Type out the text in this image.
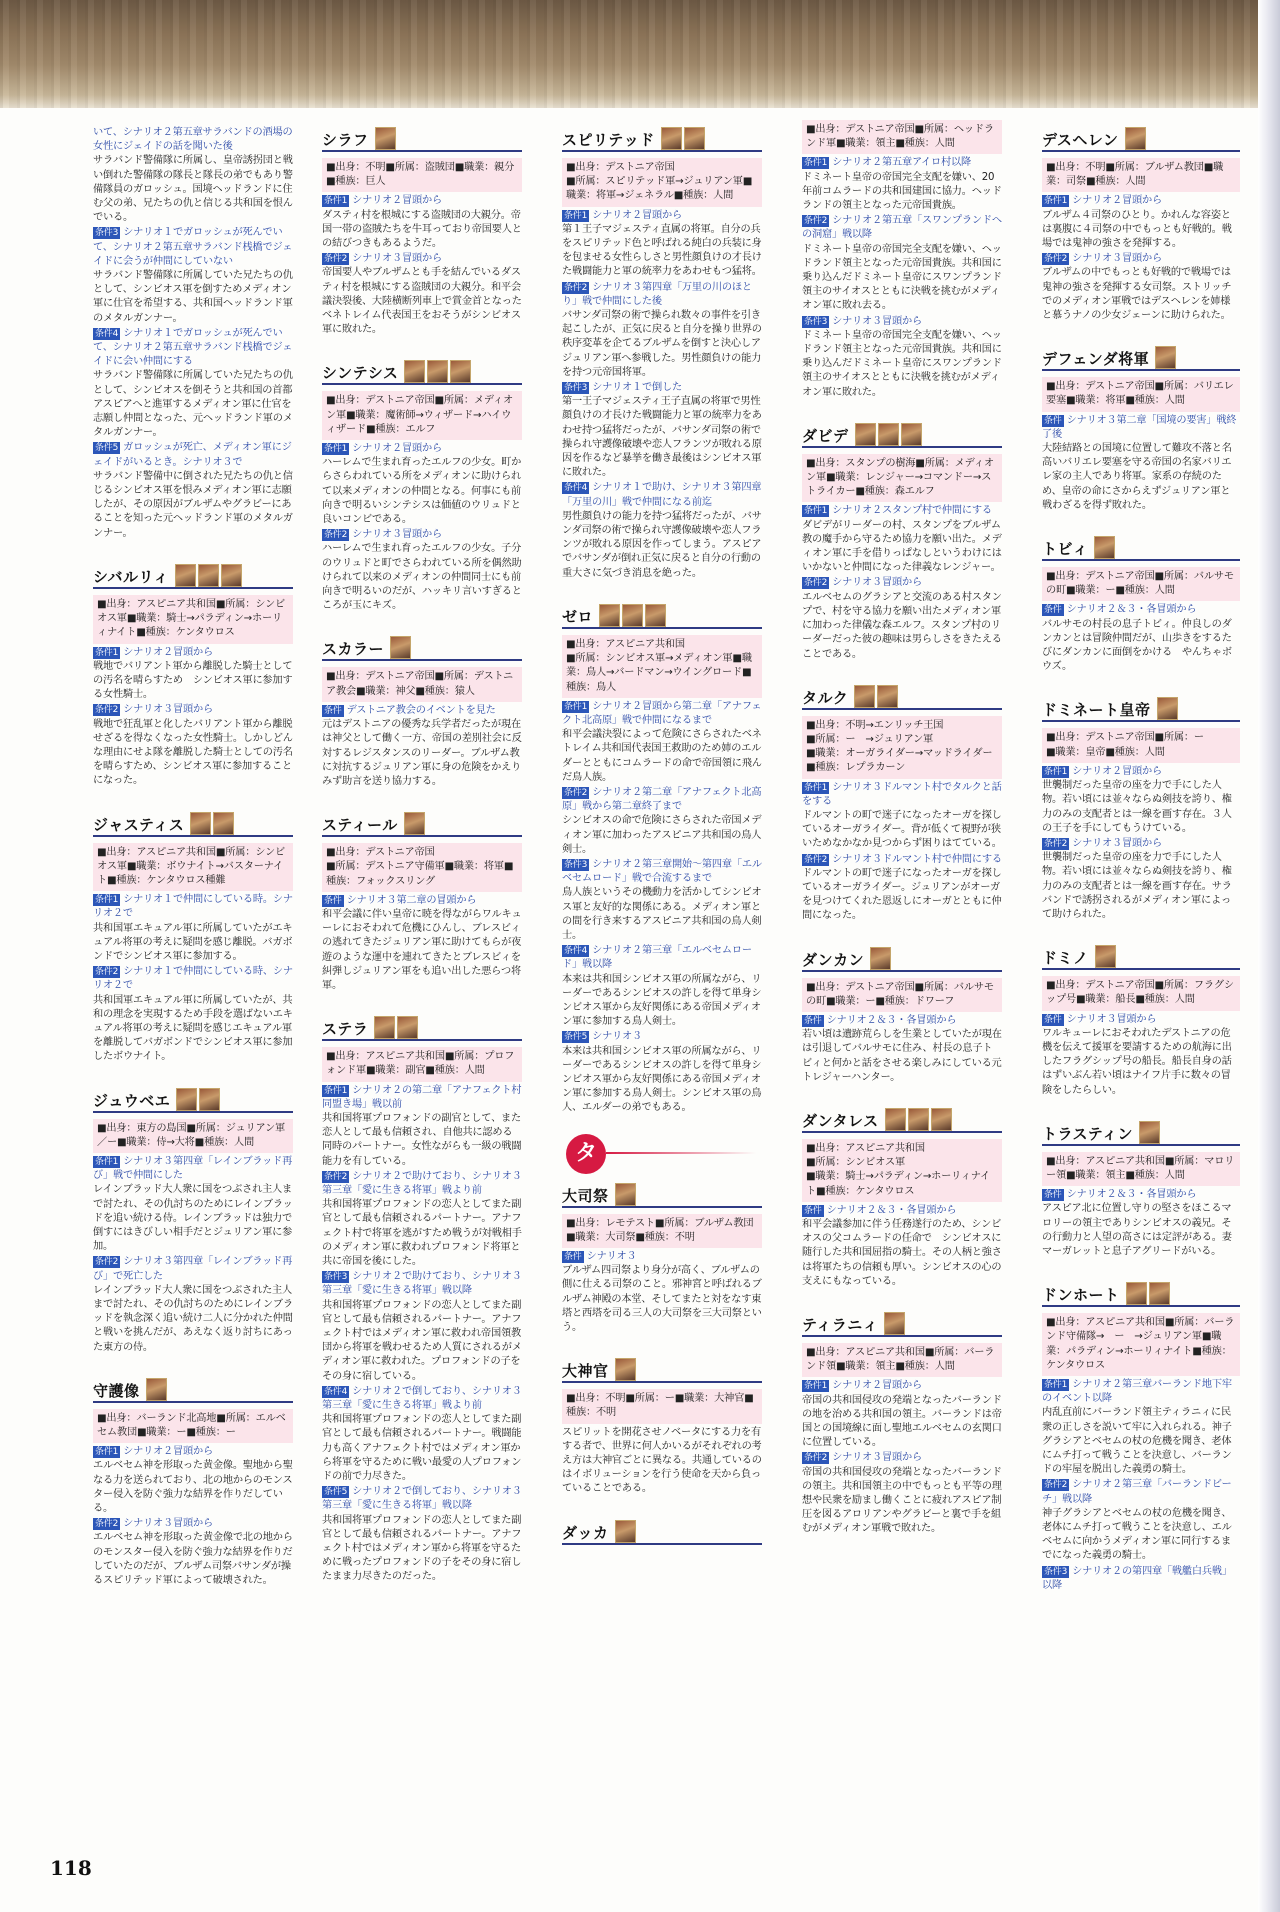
いて、シナリオ２第五章サラバンドの酒場の女性にジェイドの話を聞いた後

サラバンド警備隊に所属し、皇帝誘拐団と戦い倒れた警備隊の隊長と隊長の弟でもあり警備隊員のガロッシュ。国境ヘッドランドに住む父の弟、兄たちの仇と信じる共和国を恨んでいる。

条件3 シナリオ１でガロッシュが死んでいて、シナリオ２第五章サラバンド桟橋でジェイドに会うが仲間にしていない

サラバンド警備隊に所属していた兄たちの仇として、シンビオス軍を倒すためメディオン軍に仕官を希望する、共和国ヘッドランド軍のメタルガンナー。

条件4 シナリオ１でガロッシュが死んでいて、シナリオ２第五章サラバンド桟橋でジェイドに会い仲間にする

サラバンド警備隊に所属していた兄たちの仇として、シンビオスを倒そうと共和国の首都アスピアへと進軍するメディオン軍に仕官を志願し仲間となった、元ヘッドランド軍のメタルガンナー。

条件5 ガロッシュが死亡、メディオン軍にジェイドがいるとき。シナリオ３で

サラバンド警備中に倒された兄たちの仇と信じるシンビオス軍を恨みメディオン軍に志願したが、その原因がブルザムやグラビーにあることを知った元ヘッドランド軍のメタルガンナー。

シバルリィ
■出身：アスピニア共和国■所属：シンビオス軍■職業：騎士→パラディン→ホーリィナイト■種族：ケンタウロス

条件1 シナリオ２冒頭から

戦地でバリアント軍から離脱した騎士としての汚名を晴らすため　シンビオス軍に参加する女性騎士。

条件2 シナリオ３冒頭から

戦地で狂乱軍と化したバリアント軍から離脱せざるを得なくなった女性騎士。しかしどんな理由にせよ隊を離脱した騎士としての汚名を晴らすため、シンビオス軍に参加することになった。

ジャスティス
■出身：アスピニア共和国■所属：シンビオス軍■職業：ボウナイト→バスターナイト■種族：ケンタウロス種難

条件1 シナリオ１で仲間にしている時。シナリオ２で

共和国軍エキュアル軍に所属していたがエキュアル将軍の考えに疑問を感じ離脱。バガボンドでシンビオス軍に参加する。

条件2 シナリオ１で仲間にしている時、シナリオ２で

共和国軍エキュアル軍に所属していたが、共和の理念を実現するため手段を選ばないエキュアル将軍の考えに疑問を感じエキュアル軍を離脱してバガボンドでシンビオス軍に参加したボウナイト。

ジュウベエ
■出身：東方の島国■所属：ジュリアン軍／ー■職業：侍→大将■種族：人間

条件1 シナリオ３第四章「レインブラッド再び」戦で仲間にした

レインブラッド大人衆に国をつぶされ主人まで討たれ、その仇討ちのためにレインブラッドを追い続ける侍。レインブラッドは独力で倒すにはきびしい相手だとジュリアン軍に参加。

条件2 シナリオ３第四章「レインブラッド再び」で死亡した

レインブラッド大人衆に国をつぶされた主人まで討たれ、その仇討ちのためにレインブラッドを執念深く追い続け二人に分かれた仲間と戦いを挑んだが、あえなく返り討ちにあった東方の侍。

守護像
■出身：バーランド北高地■所属：エルベセム教団■職業：ー■種族：ー

条件1 シナリオ２冒頭から

エルベセム神を形取った黄金像。聖地から聖なる力を送られており、北の地からのモンスター侵入を防ぐ強力な結界を作りだしている。

条件2 シナリオ３冒頭から

エルベセム神を形取った黄金像で北の地からのモンスター侵入を防ぐ強力な結界を作りだしていたのだが、ブルザム司祭バサンダが操るスピリテッド軍によって破壊された。

シラフ
■出身：不明■所属：盗賊団■職業：親分■種族：巨人

条件1 シナリオ２冒頭から

ダスティ村を根城にする盗賊団の大親分。帝国一帯の盗賊たちを牛耳っており帝国要人との結びつきもあるようだ。

条件2 シナリオ３冒頭から

帝国要人やブルザムとも手を結んでいるダスティ村を根城にする盗賊団の大親分。和平会議決裂後、大陸横断列車上で賞金首となったベネトレイム代表国王をおそうがシンビオス軍に敗れた。

シンテシス
■出身：デストニア帝国■所属：メディオン軍■職業：魔術師→ウィザード→ハイウィザード■種族：エルフ

条件1 シナリオ２冒頭から

ハーレムで生まれ育ったエルフの少女。町からさらわれている所をメディオンに助けられて以来メディオンの仲間となる。何事にも前向きで明るいシンテシスは価値のウリュドと良いコンビである。

条件2 シナリオ３冒頭から

ハーレムで生まれ育ったエルフの少女。子分のウリュドと町でさらわれている所を偶然助けられて以来のメディオンの仲間同士にも前向きで明るいのだが、ハッキリ言いすぎるところが玉にキズ。

スカラー
■出身：デストニア帝国■所属：デストニア教会■職業：神父■種族：猿人

条件 デストニア教会のイベントを見た

元はデストニアの優秀な兵学者だったが現在は神父として働く一方、帝国の差別社会に反対するレジスタンスのリーダー。ブルザム教に対抗するジュリアン軍に身の危険をかえりみず助言を送り協力する。

スティール
■出身：デストニア帝国
■所属：デストニア守備軍■職業：将軍■種族：フォックスリング

条件 シナリオ３第二章の冒頭から

和平会議に伴い皇帝に暁を得ながらワルキューレにおそわれて危機にひんし、ブレスビィの逃れてきたジュリアン軍に助けてもらが夜遊のような運中を連れてきたとブレスビィを糾弾しジュリアン軍をも追い出した悪らつ将軍。

ステラ
■出身：アスピニア共和国■所属：プロフォンド軍■職業：副官■種族：人間

条件1 シナリオ２の第二章「アナフェクト村同盟き場」戦以前

共和国将軍プロフォンドの副官として、また恋人として最も信頼され、自他共に認める同時のパートナー。女性ながらも一級の戦闘能力を有している。

条件2 シナリオ２で助けており、シナリオ３第三章「愛に生きる将軍」戦より前

共和国将軍プロフォンドの恋人としてまた副官として最も信頼されるパートナー。アナフェクト村で将軍を逃がすため戦うが対戦相手のメディオン軍に救われプロフォンド将軍と共に帝国を後にした。

条件3 シナリオ２で助けており、シナリオ３第三章「愛に生きる将軍」戦以降

共和国将軍プロフォンドの恋人としてまた副官として最も信頼されるパートナー。アナフェクト村ではメディオン軍に救われ帝国領教団から将軍を戦わせるため人質にされるがメディオン軍に救われた。プロフォンドの子をその身に宿している。

条件4 シナリオ２で倒しており、シナリオ３第三章「愛に生きる将軍」戦より前

共和国将軍プロフォンドの恋人としてまた副官として最も信頼されるパートナー。戦闘能力も高くアナフェクト村ではメディオン軍から将軍を守るために戦い最愛の人プロフォンドの前で力尽きた。

条件5 シナリオ２で倒しており、シナリオ３第三章「愛に生きる将軍」戦以降

共和国将軍プロフォンドの恋人としてまた副官として最も信頼されるパートナー。アナフェクト村ではメディオン軍から将軍を守るために戦ったプロフォンドの子をその身に宿したまま力尽きたのだった。

スピリテッド
■出身：デストニア帝国
■所属：スピリテッド軍→ジュリアン軍■職業：将軍→ジェネラル■種族：人間

条件1 シナリオ２冒頭から

第１王子マジェスティ直属の将軍。自分の兵をスピリテッド色と呼ばれる純白の兵装に身を包ませる女性らしさと男性顔負けの才長けた戦闘能力と軍の統率力をあわせもつ猛将。

条件2 シナリオ３第四章「万里の川のほとり」戦で仲間にした後

バサンダ司祭の術で操られ数々の事件を引き起こしたが、正気に戻ると自分を操り世界の秩序変革を企てるブルザムを倒すと決心しアジュリアン軍へ参戦した。男性顔負けの能力を持つ元帝国将軍。

条件3 シナリオ１で倒した

第一王子マジェスティ王子直属の将軍で男性顔負けの才長けた戦闘能力と軍の統率力をあわせ持つ猛将だったが、バサンダ司祭の術で操られ守護像破壊や恋人フランツが敗れる原因を作るなど暴挙を働き最後はシンビオス軍に敗れた。

条件4 シナリオ１で助け、シナリオ３第四章「万里の川」戦で仲間になる前迄

男性顔負けの能力を持つ猛将だったが、バサンダ司祭の術で操られ守護像破壊や恋人フランツが敗れる原因を作ってしまう。アスピアでバサンダが倒れ正気に戻ると自分の行動の重大さに気づき消息を絶った。

ゼロ
■出身：アスピニア共和国
■所属：シンビオス軍→メディオン軍■職業：鳥人→バードマン→ウイングロード■種族：鳥人

条件1 シナリオ２冒頭から第二章「アナフェクト北高原」戦で仲間になるまで

和平会議決裂によって危険にさらされたベネトレイム共和国代表国王救助のため姉のエルダーとともにコムラードの命で帝国領に飛んだ鳥人族。

条件2 シナリオ２第二章「アナフェクト北高原」戦から第二章終了まで

シンビオスの命で危険にさらされた帝国メディオン軍に加わったアスピニア共和国の鳥人剣士。

条件3 シナリオ２第三章開始〜第四章「エルベセムロード」戦で合流するまで

鳥人族というその機動力を活かしてシンビオス軍と友好的な関係にある。メディオン軍との間を行き来するアスピニア共和国の鳥人剣士。

条件4 シナリオ２第三章「エルベセムロード」戦以降

本来は共和国シンビオス軍の所属ながら、リーダーであるシンビオスの許しを得て単身シンビオス軍から友好関係にある帝国メディオン軍に参加する鳥人剣士。

条件5 シナリオ３

本来は共和国シンビオス軍の所属ながら、リーダーであるシンビオスの許しを得て単身シンビオス軍から友好関係にある帝国メディオン軍に参加する鳥人剣士。シンビオス軍の鳥人、エルダーの弟でもある。

タ
大司祭
■出身：レモテスト■所属：ブルザム教団■職業：大司祭■種族：不明

条件 シナリオ３

ブルザム四司祭より身分が高く、ブルザムの側に仕える司祭のこと。邪神宮と呼ばれるブルザム神殿の本堂、そしてまたと対をなす東塔と西塔を司る三人の大司祭を三大司祭という。

大神官
■出身：不明■所属：ー■職業：大神官■種族：不明

スピリットを開花させノベータにする力を有する者で、世界に何人かいるがそれぞれの考え方は大神官ごとに異なる。共通しているのはイボリューションを行う使命を天から負っていることである。

ダッカ
■出身：デストニア帝国■所属：ヘッドランド軍■職業：領主■種族：人間

条件1 シナリオ２第五章アイロ村以降

ドミネート皇帝の帝国完全支配を嫌い、20年前コムラードの共和国建国に協力。ヘッドランドの領主となった元帝国貴族。

条件2 シナリオ２第五章「スワンプランドへの洞窟」戦以降

ドミネート皇帝の帝国完全支配を嫌い、ヘッドランド領主となった元帝国貴族。共和国に乗り込んだドミネート皇帝にスワンプランド領主のサイオスとともに決戦を挑むがメディオン軍に敗れ去る。

条件3 シナリオ３冒頭から

ドミネート皇帝の帝国完全支配を嫌い、ヘッドランド領主となった元帝国貴族。共和国に乗り込んだドミネート皇帝にスワンプランド領主のサイオスとともに決戦を挑むがメディオン軍に敗れた。

ダビデ
■出身：スタンプの樹海■所属：メディオン軍■職業：レンジャー→コマンドー→ストライカー■種族：森エルフ

条件1 シナリオ２スタンプ村で仲間にする

ダビデがリーダーの村、スタンプをブルザム教の魔手から守るため協力を願い出た。メディオン軍に手を借りっぱなしというわけにはいかないと仲間になった律義なレンジャー。

条件2 シナリオ３冒頭から

エルベセムのグラシアと交流のある村スタンプで、村を守る協力を願い出たメディオン軍に加わった律儀な森エルフ。スタンプ村のリーダーだった彼の趣味は男らしさをきたえることである。

タルク
■出身：不明→エンリッチ王国
■所属：ー　→ジュリアン軍
■職業：オーガライダー→マッドライダー■種族：レプラカーン

条件1 シナリオ３ドルマント村でタルクと話をする

ドルマントの町で迷子になったオーガを探しているオーガライダー。背が低くて視野が狭いためなかなか見つからず困りはてている。

条件2 シナリオ３ドルマント村で仲間にする

ドルマントの町で迷子になったオーガを探しているオーガライダー。ジュリアンがオーガを見つけてくれた恩返しにオーガとともに仲間になった。

ダンカン
■出身：デストニア帝国■所属：バルサモの町■職業：ー■種族：ドワーフ

条件 シナリオ２＆３・各冒頭から

若い頃は遺跡荒らしを生業としていたが現在は引退してバルサモに住み、村長の息子トビィと何かと話をさせる楽しみにしている元トレジャーハンター。

ダンタレス
■出身：アスピニア共和国
■所属：シンビオス軍
■職業：騎士→パラディン→ホーリィナイト■種族：ケンタウロス

条件 シナリオ２＆３・各冒頭から

和平会議参加に伴う任務遂行のため、シンビオスの父コムラードの任命で　シンビオスに随行した共和国屈指の騎士。その人柄と強さは将軍たちの信頼も厚い。シンビオスの心の支えにもなっている。

ティラニィ
■出身：アスピニア共和国■所属：バーランド領■職業：領主■種族：人間

条件1 シナリオ２冒頭から

帝国の共和国侵攻の発端となったバーランドの地を治める共和国の領主。バーランドは帝国との国境線に面し聖地エルベセムの玄関口に位置している。

条件2 シナリオ３冒頭から

帝国の共和国侵攻の発端となったバーランドの領主。共和国領主の中でもっとも平等の理想や民衆を励まし働くことに疲れアスピア制圧を図るアロリアンやグラビーと裏で手を組むがメディオン軍戦で敗れた。

デスヘレン
■出身：不明■所属：ブルザム教団■職業：司祭■種族：人間

条件1 シナリオ２冒頭から

ブルザム４司祭のひとり。かれんな容姿とは裏腹に４司祭の中でもっとも好戦的。戦場では鬼神の強さを発揮する。

条件2 シナリオ３冒頭から

ブルザムの中でもっとも好戦的で戦場では鬼神の強さを発揮する女司祭。ストリッチでのメディオン軍戦ではデスヘレンを姉様と慕うナノの少女ジェーンに助けられた。

デフェンダ将軍
■出身：デストニア帝国■所属：バリエレ要塞■職業：将軍■種族：人間

条件 シナリオ３第二章「国境の要害」戦終了後

大陸結路との国境に位置して難攻不落と名高いバリエレ要塞を守る帝国の名家バリエレ家の主人であり将軍。家系の存続のため、皇帝の命にさからえずジュリアン軍と戦わざるを得ず敗れた。

トビィ
■出身：デストニア帝国■所属：バルサモの町■職業：ー■種族：人間

条件 シナリオ２＆３・各冒頭から

バルサモの村長の息子トビィ。仲良しのダンカンとは冒険仲間だが、山歩きをするたびにダンカンに面倒をかける　やんちゃボウズ。

ドミネート皇帝
■出身：デストニア帝国■所属：ー
■職業：皇帝■種族：人間

条件1 シナリオ２冒頭から

世襲制だった皇帝の座を力で手にした人物。若い頃には並々ならぬ剣技を誇り、権力のみの支配者とは一線を画す存在。３人の王子を手にしてもうけている。

条件2 シナリオ３冒頭から

世襲制だった皇帝の座を力で手にした人物。若い頃には並々ならぬ剣技を誇り、権力のみの支配者とは一線を画す存在。サラバンドで誘拐されるがメディオン軍によって助けられた。

ドミノ
■出身：デストニア帝国■所属：フラグシップ号■職業：船長■種族：人間

条件 シナリオ３冒頭から

ワルキューレにおそわれたデストニアの危機を伝えて援軍を要請するための航海に出したフラグシップ号の船長。船長自身の話はずいぶん若い頃はナイフ片手に数々の冒険をしたらしい。

トラスティン
■出身：アスピニア共和国■所属：マロリー領■職業：領主■種族：人間

条件 シナリオ２＆３・各冒頭から

アスピア北に位置し守りの堅さをほこるマロリーの領主でありシンビオスの義兄。その行動力と人望の高さには定評がある。妻マーガレットと息子アグリードがいる。

ドンホート
■出身：アスピニア共和国■所属：バーランド守備隊→　ー　→ジュリアン軍■職業：パラディン→ホーリィナイト■種族：ケンタウロス

条件1 シナリオ２第三章バーランド地下牢のイベント以降

内乱直前にバーランド領主ティラニィに民衆の正しさを説いて牢に入れられる。神子グラシアとベセムの杖の危機を聞き、老体にムチ打って戦うことを決意し、バーランドの牢屋を脱出した義勇の騎士。

条件2 シナリオ２第三章「バーランドビーチ」戦以降

神子グラシアとベセムの杖の危機を聞き、老体にムチ打って戦うことを決意し、エルベセムに向かうメディオン軍に同行するまでになった義勇の騎士。

条件3 シナリオ２の第四章「戦艦白兵戦」以降

118
